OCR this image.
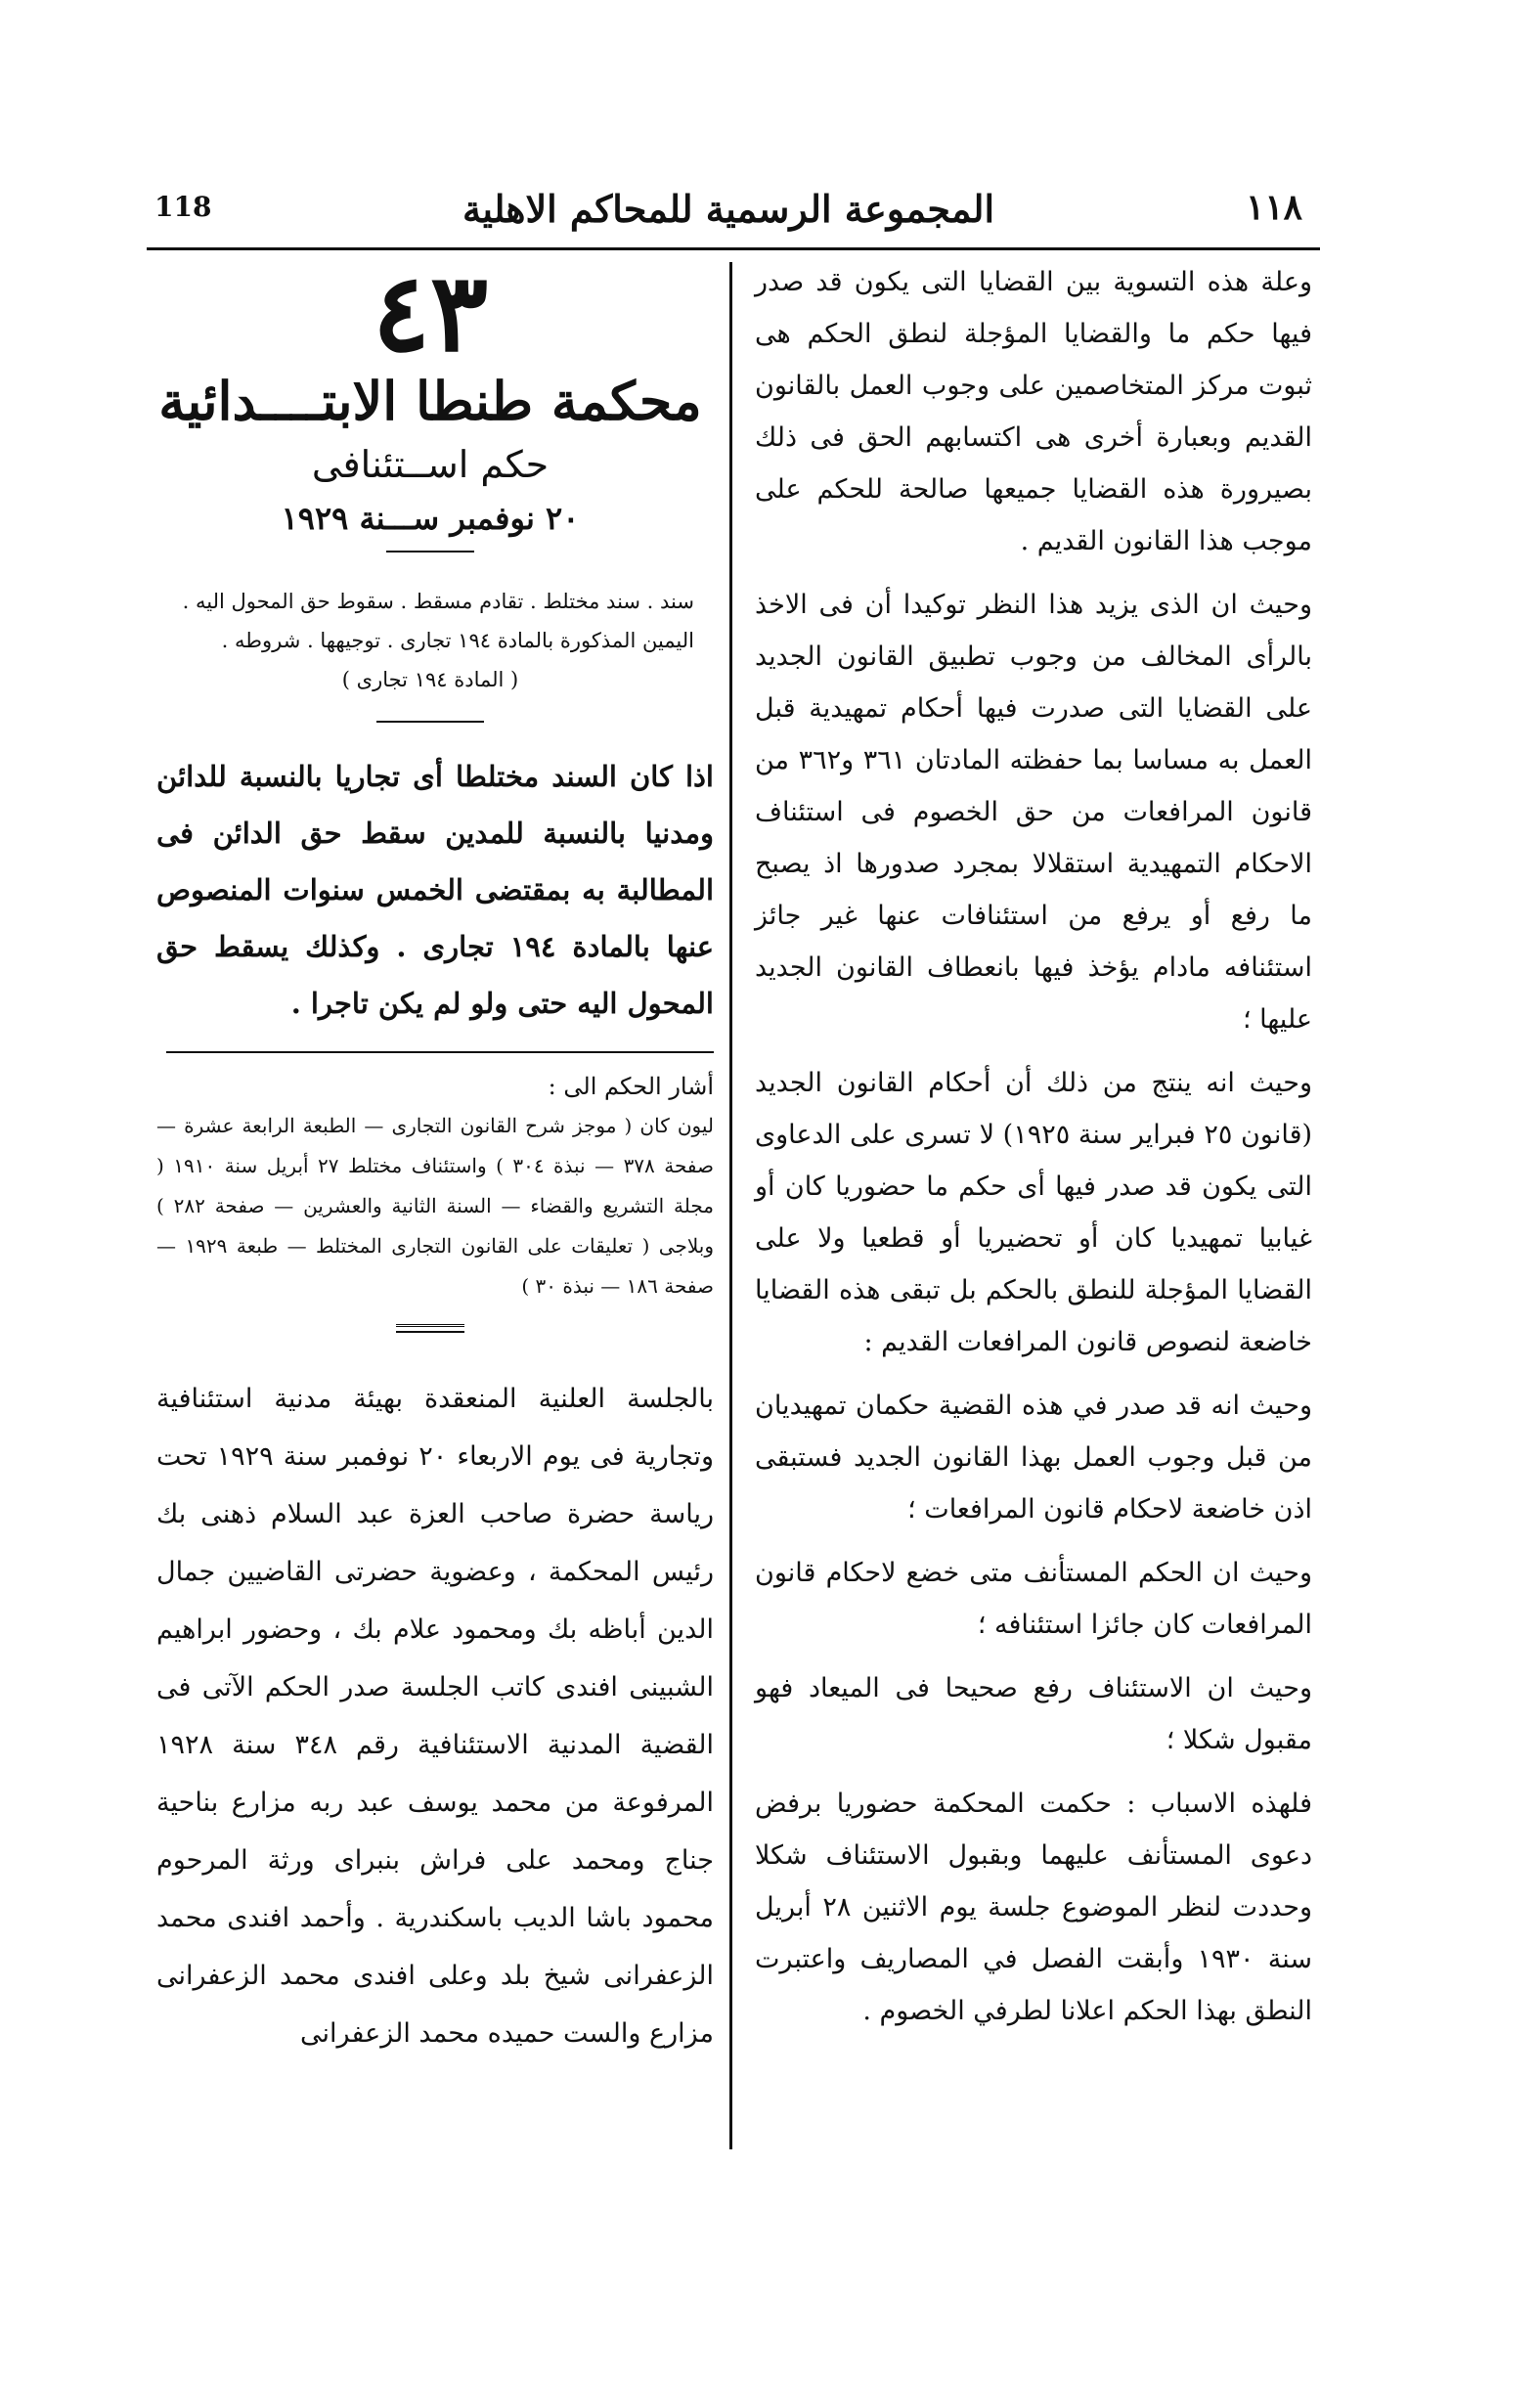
118	المجموعة الرسمية للمحاكم الاهلية	١١٨

وعلة هذه التسوية بين القضايا التى يكون قد صدر فيها حكم ما والقضايا المؤجلة لنطق الحكم هى ثبوت مركز المتخاصمين على وجوب العمل بالقانون القديم وبعبارة أخرى هى اكتسابهم الحق فى ذلك بصيرورة هذه القضايا جميعها صالحة للحكم على موجب هذا القانون القديم .

وحيث ان الذى يزيد هذا النظر توكيدا أن فى الاخذ بالرأى المخالف من وجوب تطبيق القانون الجديد على القضايا التى صدرت فيها أحكام تمهيدية قبل العمل به مساسا بما حفظته المادتان ٣٦١ و٣٦٢ من قانون المرافعات من حق الخصوم فى استئناف الاحكام التمهيدية استقلالا بمجرد صدورها اذ يصبح ما رفع أو يرفع من استئنافات عنها غير جائز استئنافه مادام يؤخذ فيها بانعطاف القانون الجديد عليها ؛

وحيث انه ينتج من ذلك أن أحكام القانون الجديد (قانون ٢٥ فبراير سنة ١٩٢٥) لا تسرى على الدعاوى التى يكون قد صدر فيها أى حكم ما حضوريا كان أو غيابيا تمهيديا كان أو تحضيريا أو قطعيا ولا على القضايا المؤجلة للنطق بالحكم بل تبقى هذه القضايا خاضعة لنصوص قانون المرافعات القديم :

وحيث انه قد صدر في هذه القضية حكمان تمهيديان من قبل وجوب العمل بهذا القانون الجديد فستبقى اذن خاضعة لاحكام قانون المرافعات ؛

وحيث ان الحكم المستأنف متى خضع لاحكام قانون المرافعات كان جائزا استئنافه ؛

وحيث ان الاستئناف رفع صحيحا فى الميعاد فهو مقبول شكلا ؛

فلهذه الاسباب : حكمت المحكمة حضوريا برفض دعوى المستأنف عليهما وبقبول الاستئناف شكلا وحددت لنظر الموضوع جلسة يوم الاثنين ٢٨ أبريل سنة ١٩٣٠ وأبقت الفصل في المصاريف واعتبرت النطق بهذا الحكم اعلانا لطرفي الخصوم .

٤٣
محكمة طنطا الابتــــدائية
حكم اســتئنافى
٢٠ نوفمبر ســـنة ١٩٢٩
سند . سند مختلط . تقادم مسقط . سقوط حق المحول اليه .
اليمين المذكورة بالمادة ١٩٤ تجارى . توجيهها . شروطه .
( المادة ١٩٤ تجارى )

اذا كان السند مختلطا أى تجاريا بالنسبة للدائن ومدنيا بالنسبة للمدين سقط حق الدائن فى المطالبة به بمقتضى الخمس سنوات المنصوص عنها بالمادة ١٩٤ تجارى . وكذلك يسقط حق المحول اليه حتى ولو لم يكن تاجرا .

أشار الحكم الى :

ليون كان ( موجز شرح القانون التجارى — الطبعة الرابعة عشرة — صفحة ٣٧٨ — نبذة ٣٠٤ ) واستئناف مختلط ٢٧ أبريل سنة ١٩١٠ ( مجلة التشريع والقضاء — السنة الثانية والعشرين — صفحة ٢٨٢ ) وبلاجى ( تعليقات على القانون التجارى المختلط — طبعة ١٩٢٩ — صفحة ١٨٦ — نبذة ٣٠ )

بالجلسة العلنية المنعقدة بهيئة مدنية استئنافية وتجارية فى يوم الاربعاء ٢٠ نوفمبر سنة ١٩٢٩ تحت رياسة حضرة صاحب العزة عبد السلام ذهنى بك رئيس المحكمة ، وعضوية حضرتى القاضيين جمال الدين أباظه بك ومحمود علام بك ، وحضور ابراهيم الشبينى افندى كاتب الجلسة صدر الحكم الآتى فى القضية المدنية الاستئنافية رقم ٣٤٨ سنة ١٩٢٨ المرفوعة من محمد يوسف عبد ربه مزارع بناحية جناج ومحمد على فراش بنبراى ورثة المرحوم محمود باشا الديب باسكندرية . وأحمد افندى محمد الزعفرانى شيخ بلد وعلى افندى محمد الزعفرانى مزارع والست حميده محمد الزعفرانى
